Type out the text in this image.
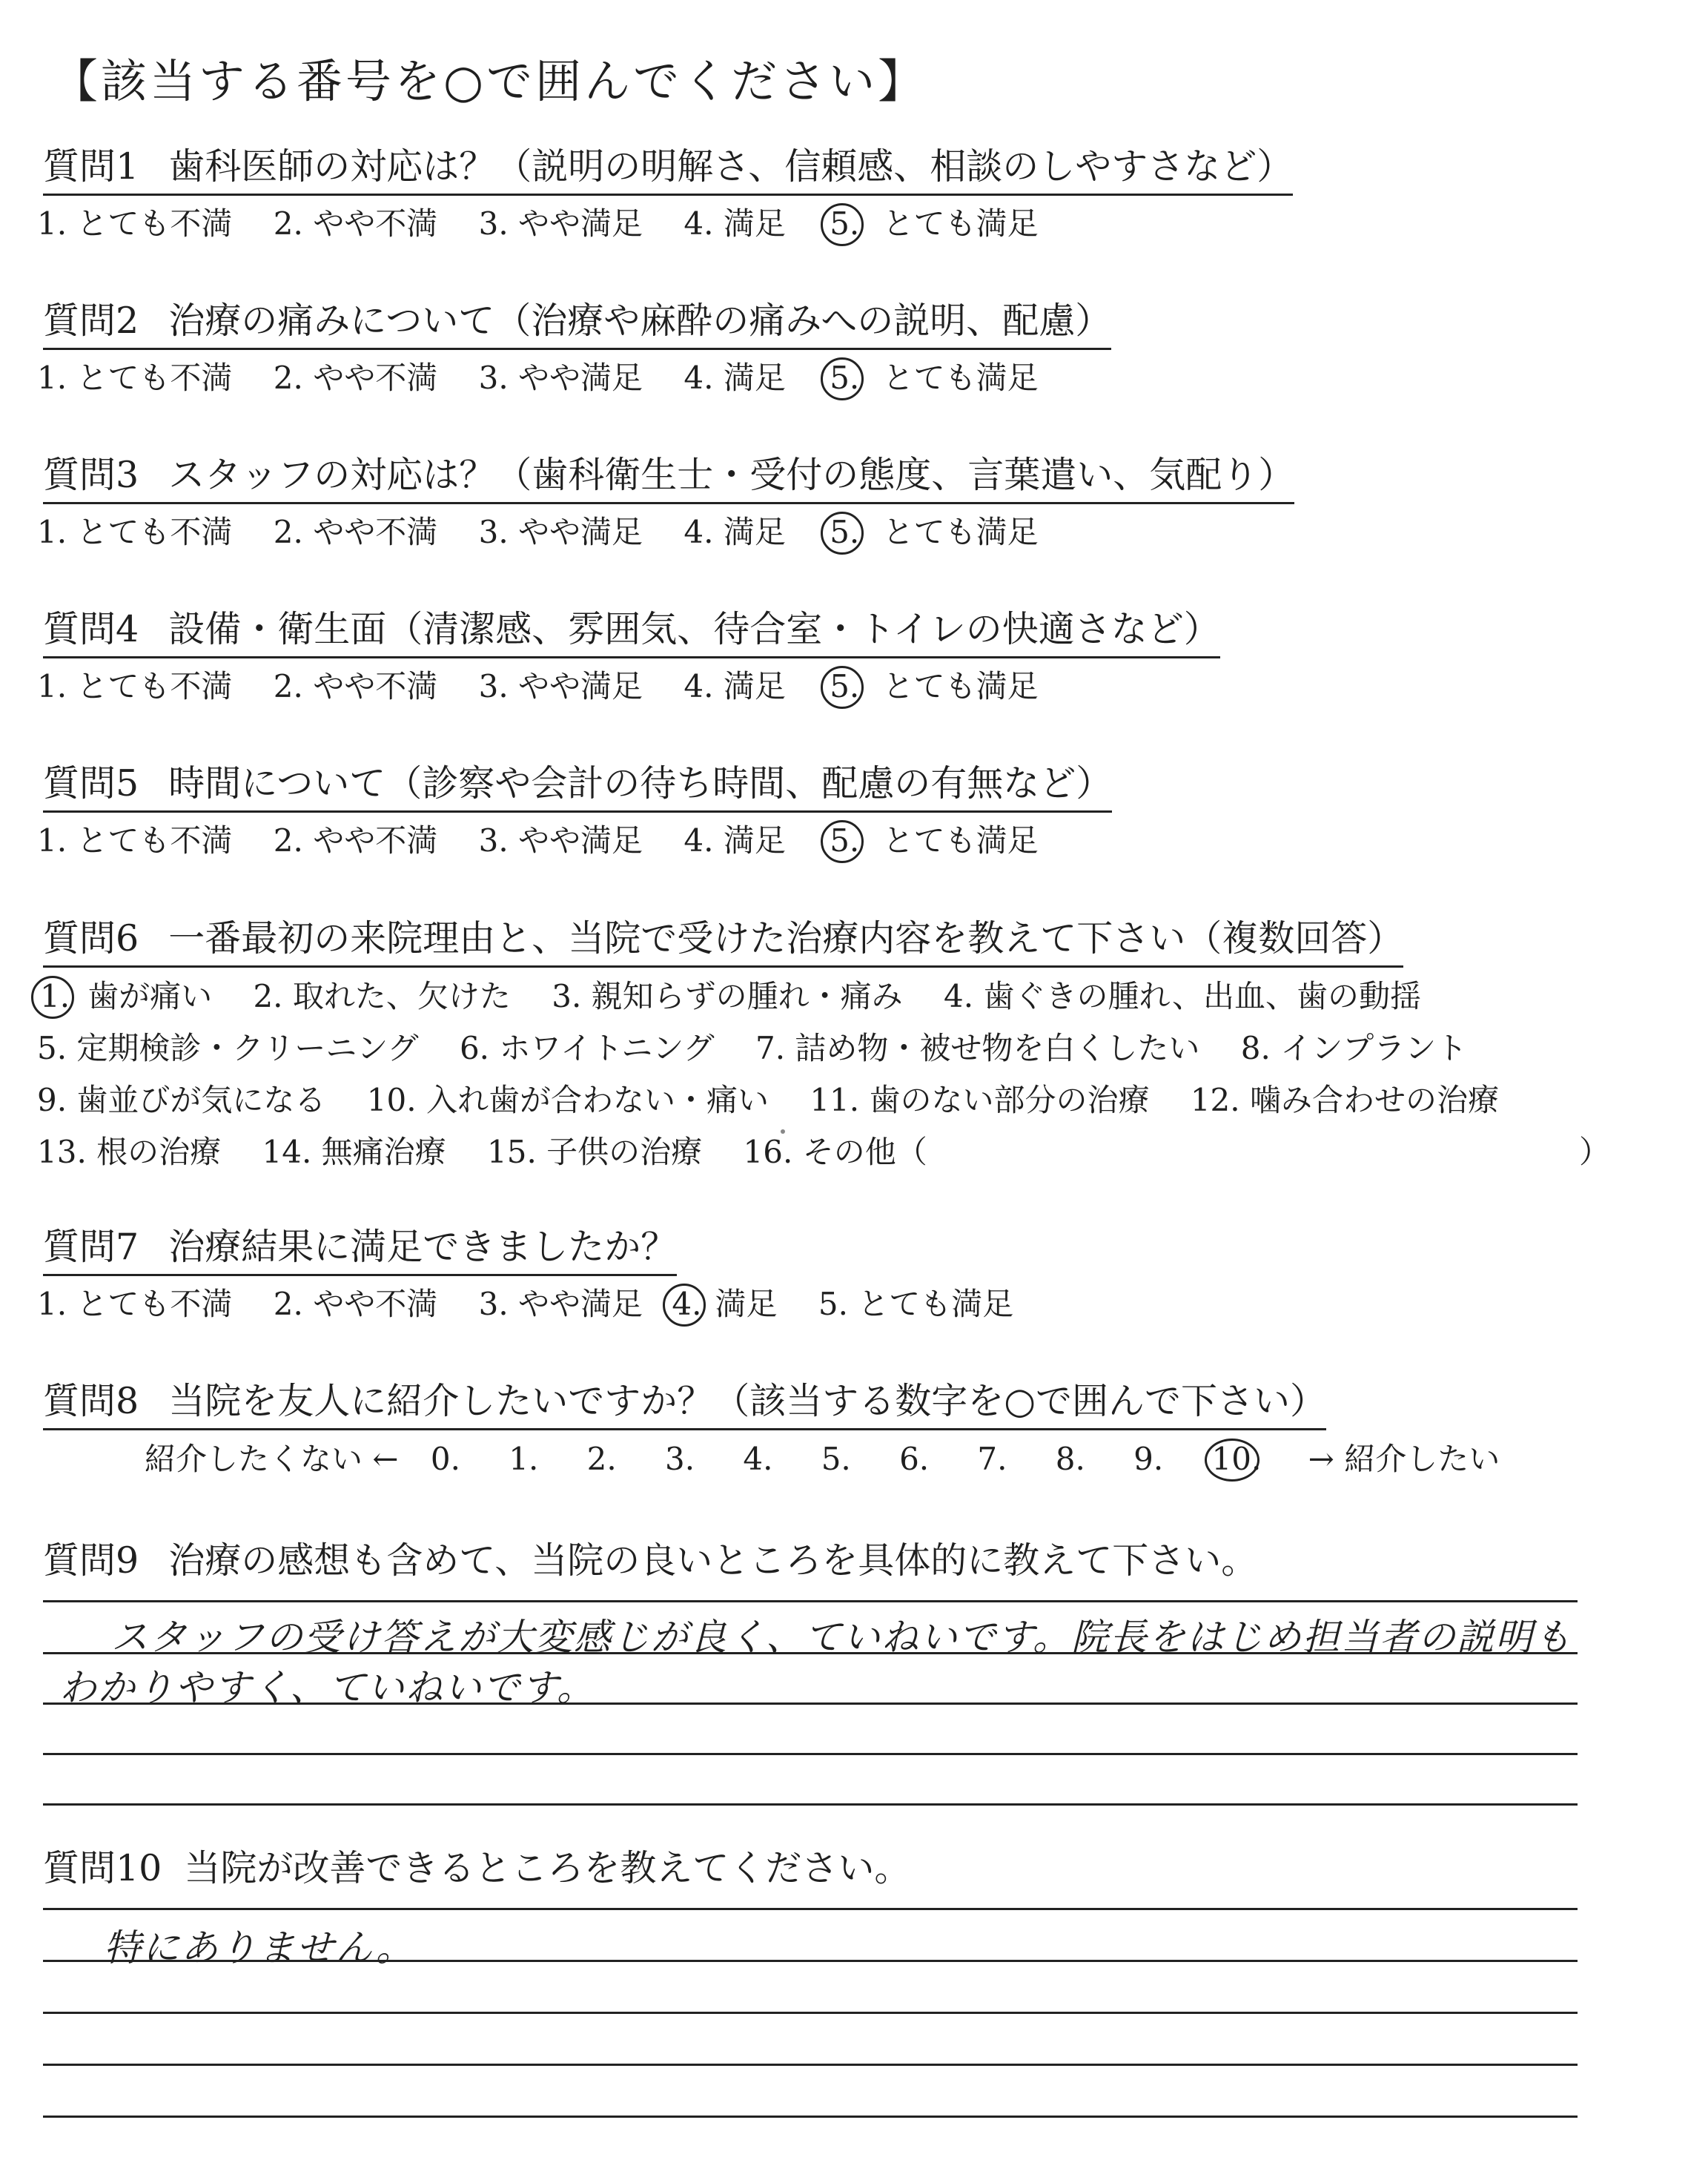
【該当する番号を○で囲んでください】
質問1 歯科医師の対応は？（説明の明解さ、信頼感、相談のしやすさなど）
1. とても不満 2. やや不満 3. やや満足 4. 満足 5. とても満足
質問2 治療の痛みについて（治療や麻酔の痛みへの説明、配慮）
1. とても不満 2. やや不満 3. やや満足 4. 満足 5. とても満足
質問3 スタッフの対応は？（歯科衛生士・受付の態度、言葉遣い、気配り）
1. とても不満 2. やや不満 3. やや満足 4. 満足 5. とても満足
質問4 設備・衛生面（清潔感、雰囲気、待合室・トイレの快適さなど）
1. とても不満 2. やや不満 3. やや満足 4. 満足 5. とても満足
質問5 時間について（診察や会計の待ち時間、配慮の有無など）
1. とても不満 2. やや不満 3. やや満足 4. 満足 5. とても満足
質問6 一番最初の来院理由と、当院で受けた治療内容を教えて下さい（複数回答）
1. 歯が痛い 2. 取れた、欠けた 3. 親知らずの腫れ・痛み 4. 歯ぐきの腫れ、出血、歯の動揺
5. 定期検診・クリーニング 6. ホワイトニング 7. 詰め物・被せ物を白くしたい 8. インプラント
9. 歯並びが気になる 10. 入れ歯が合わない・痛い 11. 歯のない部分の治療 12. 噛み合わせの治療
13. 根の治療 14. 無痛治療 15. 子供の治療 16. その他（	）
質問7 治療結果に満足できましたか？
1. とても不満 2. やや不満 3. やや満足 4. 満足 5. とても満足
質問8 当院を友人に紹介したいですか？（該当する数字を○で囲んで下さい）
紹介したくない ← 0. 1. 2. 3. 4. 5. 6. 7. 8. 9. 10. → 紹介したい
質問9 治療の感想も含めて、当院の良いところを具体的に教えて下さい。
スタッフの受け答えが大変感じが良く、ていねいです。院長をはじめ担当者の説明も
わかりやすく、ていねいです。
質問10 当院が改善できるところを教えてください。
特にありません。
